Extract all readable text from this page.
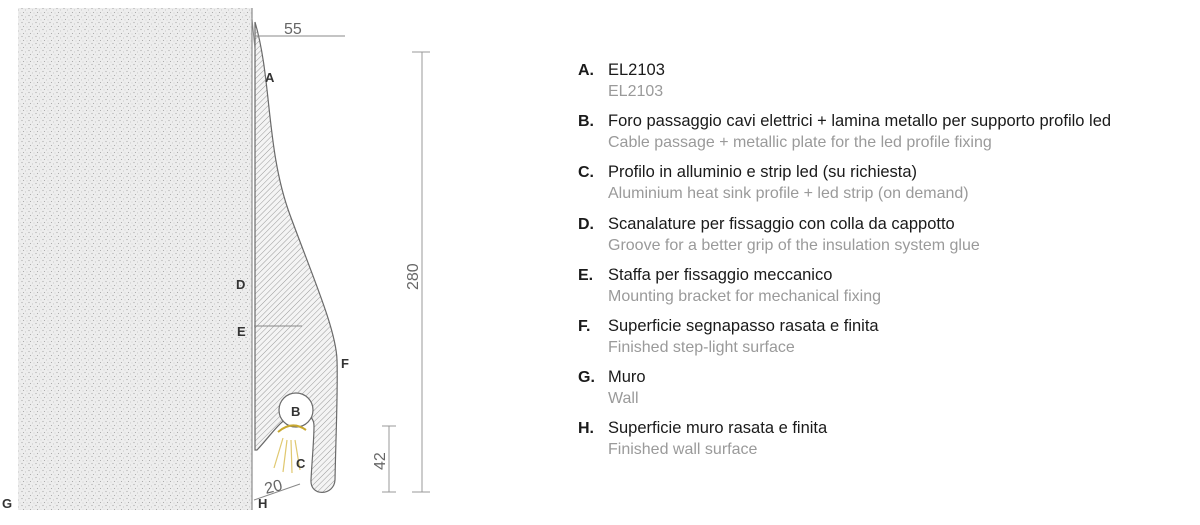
55
280
42
20
A
B
C
D
E
F
G	H
A. EL2103
EL2103
B. Foro passaggio cavi elettrici + lamina metallo per supporto profilo led
Cable passage + metallic plate for the led profile fixing
C. Profilo in alluminio e strip led (su richiesta)
Aluminium heat sink profile + led strip (on demand)
D. Scanalature per fissaggio con colla da cappotto
Groove for a better grip of the insulation system glue
E. Staffa per fissaggio meccanico
Mounting bracket for mechanical fixing
F.	Superficie segnapasso rasata e finita
Finished step-light surface
G. Muro
Wall
H. Superficie muro rasata e finita
Finished wall surface
